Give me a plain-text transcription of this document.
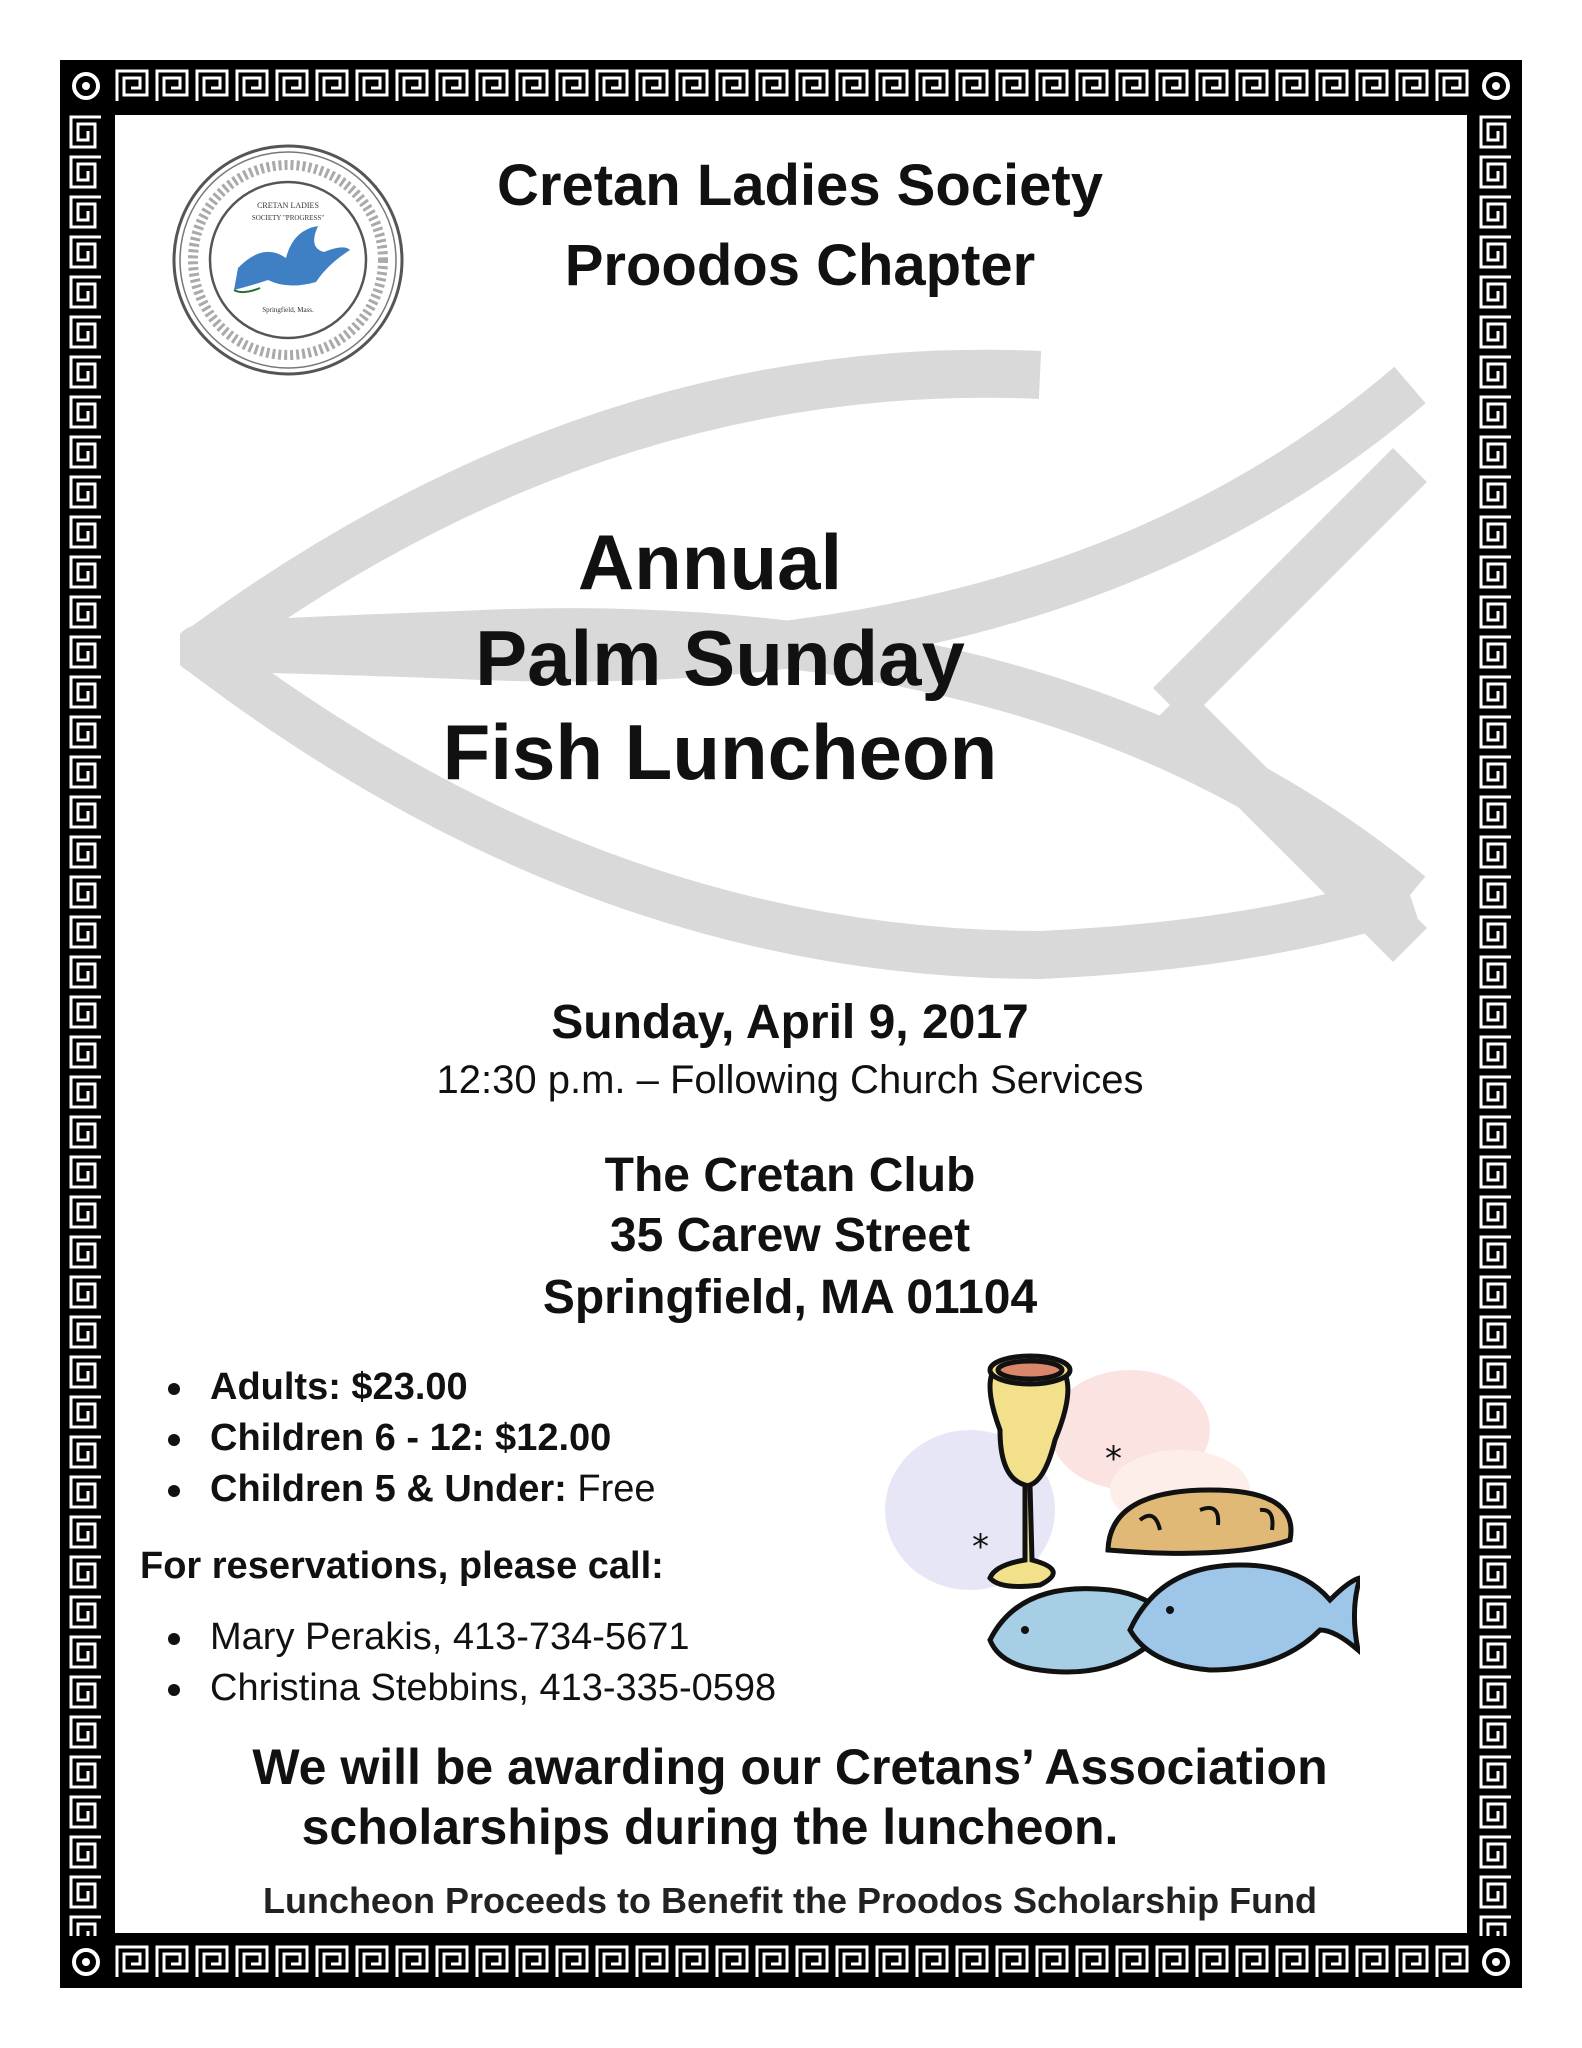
CRETAN LADIES
SOCIETY "PROGRESS"
Springfield, Mass.
Cretan Ladies Society
Proodos Chapter
Annual
Palm Sunday
Fish Luncheon
Sunday, April 9, 2017
12:30 p.m. – Following Church Services
The Cretan Club
35 Carew Street
Springfield, MA 01104
Adults: $23.00
Children 6 - 12: $12.00
Children 5 & Under: Free
For reservations, please call:
Mary Perakis, 413-734-5671
Christina Stebbins, 413-335-0598
*
*
We will be awarding our Cretans’ Association
scholarships during the luncheon.
Luncheon Proceeds to Benefit the Proodos Scholarship Fund
